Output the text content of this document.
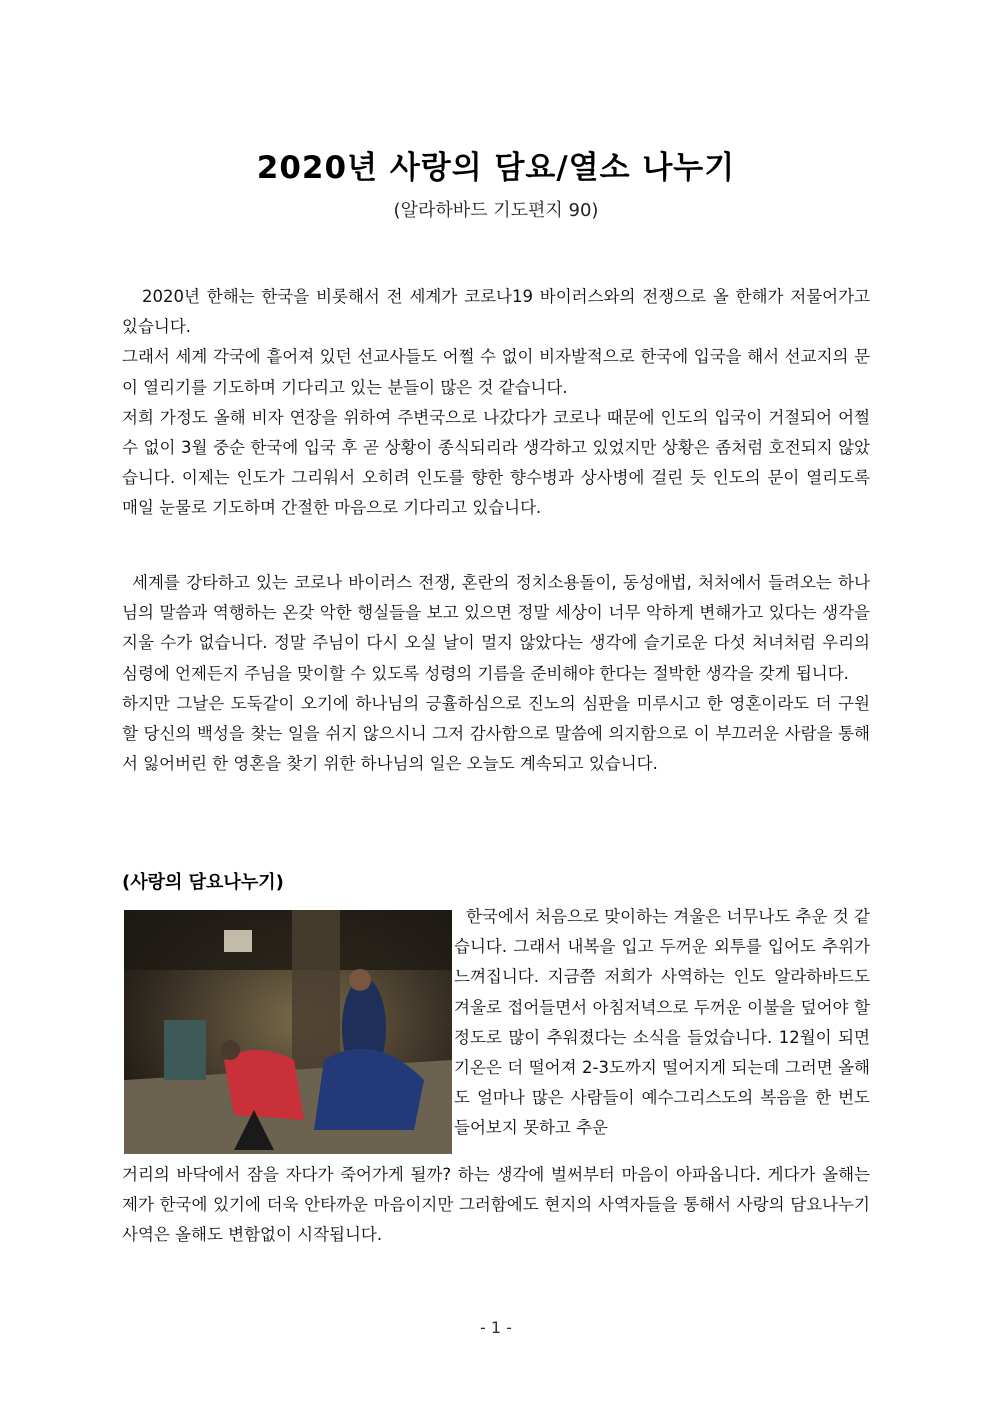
2020년 사랑의 담요/열소 나누기
(알라하바드 기도편지 90)

2020년 한해는 한국을 비롯해서 전 세계가 코로나19 바이러스와의 전쟁으로 올 한해가 저물어가고 있습니다.

그래서 세계 각국에 흩어져 있던 선교사들도 어쩔 수 없이 비자발적으로 한국에 입국을 해서 선교지의 문이 열리기를 기도하며 기다리고 있는 분들이 많은 것 같습니다.

저희 가정도 올해 비자 연장을 위하여 주변국으로 나갔다가 코로나 때문에 인도의 입국이 거절되어 어쩔 수 없이 3월 중순 한국에 입국 후 곧 상황이 종식되리라 생각하고 있었지만 상황은 좀처럼 호전되지 않았습니다. 이제는 인도가 그리워서 오히려 인도를 향한 향수병과 상사병에 걸린 듯 인도의 문이 열리도록 매일 눈물로 기도하며 간절한 마음으로 기다리고 있습니다.

세계를 강타하고 있는 코로나 바이러스 전쟁, 혼란의 정치소용돌이, 동성애법, 처처에서 들려오는 하나님의 말씀과 역행하는 온갖 악한 행실들을 보고 있으면 정말 세상이 너무 악하게 변해가고 있다는 생각을 지울 수가 없습니다. 정말 주님이 다시 오실 날이 멀지 않았다는 생각에 슬기로운 다섯 처녀처럼 우리의 심령에 언제든지 주님을 맞이할 수 있도록 성령의 기름을 준비해야 한다는 절박한 생각을 갖게 됩니다.

하지만 그날은 도둑같이 오기에 하나님의 긍휼하심으로 진노의 심판을 미루시고 한 영혼이라도 더 구원할 당신의 백성을 찾는 일을 쉬지 않으시니 그저 감사함으로 말씀에 의지함으로 이 부끄러운 사람을 통해서 잃어버린 한 영혼을 찾기 위한 하나님의 일은 오늘도 계속되고 있습니다.

(사랑의 담요나누기)

한국에서 처음으로 맞이하는 겨울은 너무나도 추운 것 같습니다. 그래서 내복을 입고 두꺼운 외투를 입어도 추위가 느껴집니다. 지금쯤 저희가 사역하는 인도 알라하바드도 겨울로 접어들면서 아침저녁으로 두꺼운 이불을 덮어야 할 정도로 많이 추워졌다는 소식을 들었습니다. 12월이 되면 기온은 더 떨어져 2-3도까지 떨어지게 되는데 그러면 올해도 얼마나 많은 사람들이 예수그리스도의 복음을 한 번도 들어보지 못하고 추운

거리의 바닥에서 잠을 자다가 죽어가게 될까? 하는 생각에 벌써부터 마음이 아파옵니다. 게다가 올해는 제가 한국에 있기에 더욱 안타까운 마음이지만 그러함에도 현지의 사역자들을 통해서 사랑의 담요나누기 사역은 올해도 변함없이 시작됩니다.

- 1 -
